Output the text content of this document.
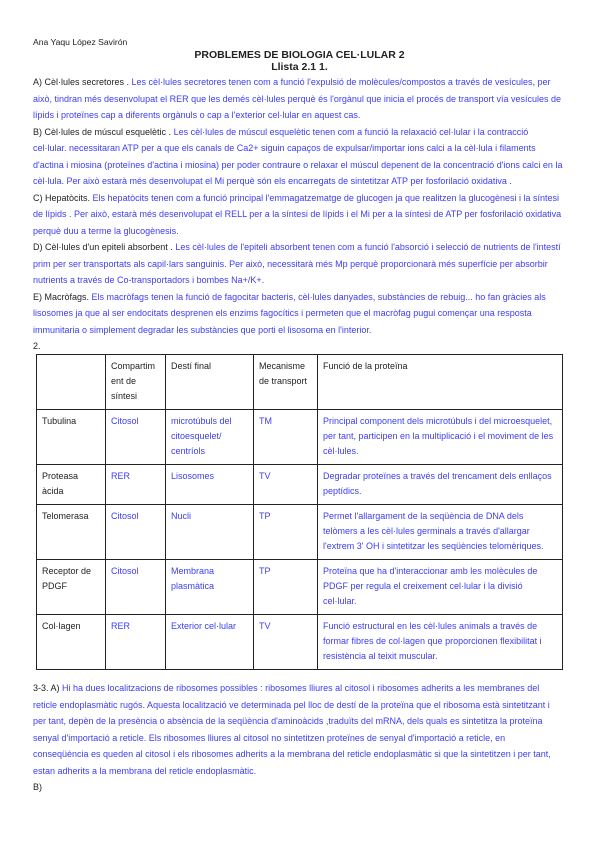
Ana Yaqu López Savirón
PROBLEMES DE BIOLOGIA CEL·LULAR 2
Llista 2.1 1.

A) Cèl·lules secretores . Les cèl·lules secretores tenen com a funció l'expulsió de molècules/compostos a través de vesícules, per això, tindran més desenvolupat el RER que les demés cèl·lules perquè és l'orgànul que inicia el procés de transport vía vesícules de lípids i proteïnes cap a diferents orgànuls o cap a l'exterior cel·lular en aquest cas.

B) Cèl·lules de múscul esquelètic . Les cèl·lules de múscul esquelètic tenen com a funció la relaxació cel·lular i la contracció cel·lular. necessitaran ATP per a que els canals de Ca2+ siguin capaços de expulsar/importar ions calci a la cèl·lula i filaments d'actina i miosina (proteïnes d'actina i miosina) per poder contraure o relaxar el múscul depenent de la concentració d'ions calci en la cèl·lula. Per això estarà més desenvolupat el Mi perquè són els encarregats de sintetitzar ATP per fosforilació oxidativa .

C) Hepatòcits. Els hepatòcits tenen com a funció principal l'emmagatzematge de glucogen ja que realitzen la glucogènesi i la síntesi de lípids . Per això, estarà més desenvolupat el RELL per a la síntesi de lípids i el Mi per a la síntesi de ATP per fosforilació oxidativa perquè duu a terme la glucogènesis.

D) Cèl·lules d'un epiteli absorbent . Les cèl·lules de l'epiteli absorbent tenen com a funció l'absorció i selecció de nutrients de l'intestí prim per ser transportats als capil·lars sanguinis. Per això, necessitarà més Mp perquè proporcionarà més superfície per absorbir nutrients a través de Co-transportadors i bombes Na+/K+.

E) Macròfags. Els macròfags tenen la funció de fagocitar bacteris, cèl·lules danyades, substàncies de rebuig... ho fan gràcies als lisosomes ja que al ser endocitats desprenen els enzims fagocítics i permeten que el macròfag pugui començar una resposta immunitaria o simplement degradar les substàncies que porti el lisosoma en l'interior.

2.
	Compartim ent de síntesi	Destí final	Mecanisme de transport	Funció de la proteïna
Tubulina	Citosol	microtúbuls del citoesquelet/ centríols	TM	Principal component dels microtúbuls i del microesquelet, per tant, participen en la multiplicació i el moviment de les cèl·lules.
Proteasa àcida	RER	Lisosomes	TV	Degradar proteïnes a través del trencament dels enllaços peptídics.
Telomerasa	Citosol	Nucli	TP	Permet l'allargament de la seqüència de DNA dels telòmers a les cèl·lules germinals a través d'allargar l'extrem 3' OH i sintetitzar les seqüències telomèriques.
Receptor de PDGF	Citosol	Membrana plasmàtica	TP	Proteïna que ha d'interaccionar amb les molècules de PDGF per regula el creixement cel·lular i la divisió cel·lular.
Col·lagen	RER	Exterior cel·lular	TV	Funció estructural en les cèl·lules animals a través de formar fibres de col·lagen que proporcionen flexibilitat i resistència al teixit muscular.

3-3. A) Hi ha dues localitzacions de ribosomes possibles : ribosomes lliures al citosol i ribosomes adherits a les membranes del reticle endoplasmàtic rugós. Aquesta localització ve determinada pel lloc de destí de la proteïna que el ribosoma està sintetitzant i per tant, depèn de la presència o absència de la seqüència d'aminoàcids ,traduïts del mRNA, dels quals es sintetitza la proteïna senyal d'importació a reticle. Els ribosomes lliures al citosol no sintetitzen proteïnes de senyal d'importació a reticle, en conseqüència es queden al citosol i els ribosomes adherits a la membrana del reticle endoplasmàtic si que la sintetitzen i per tant, estan adherits a la membrana del reticle endoplasmàtic.

B)
